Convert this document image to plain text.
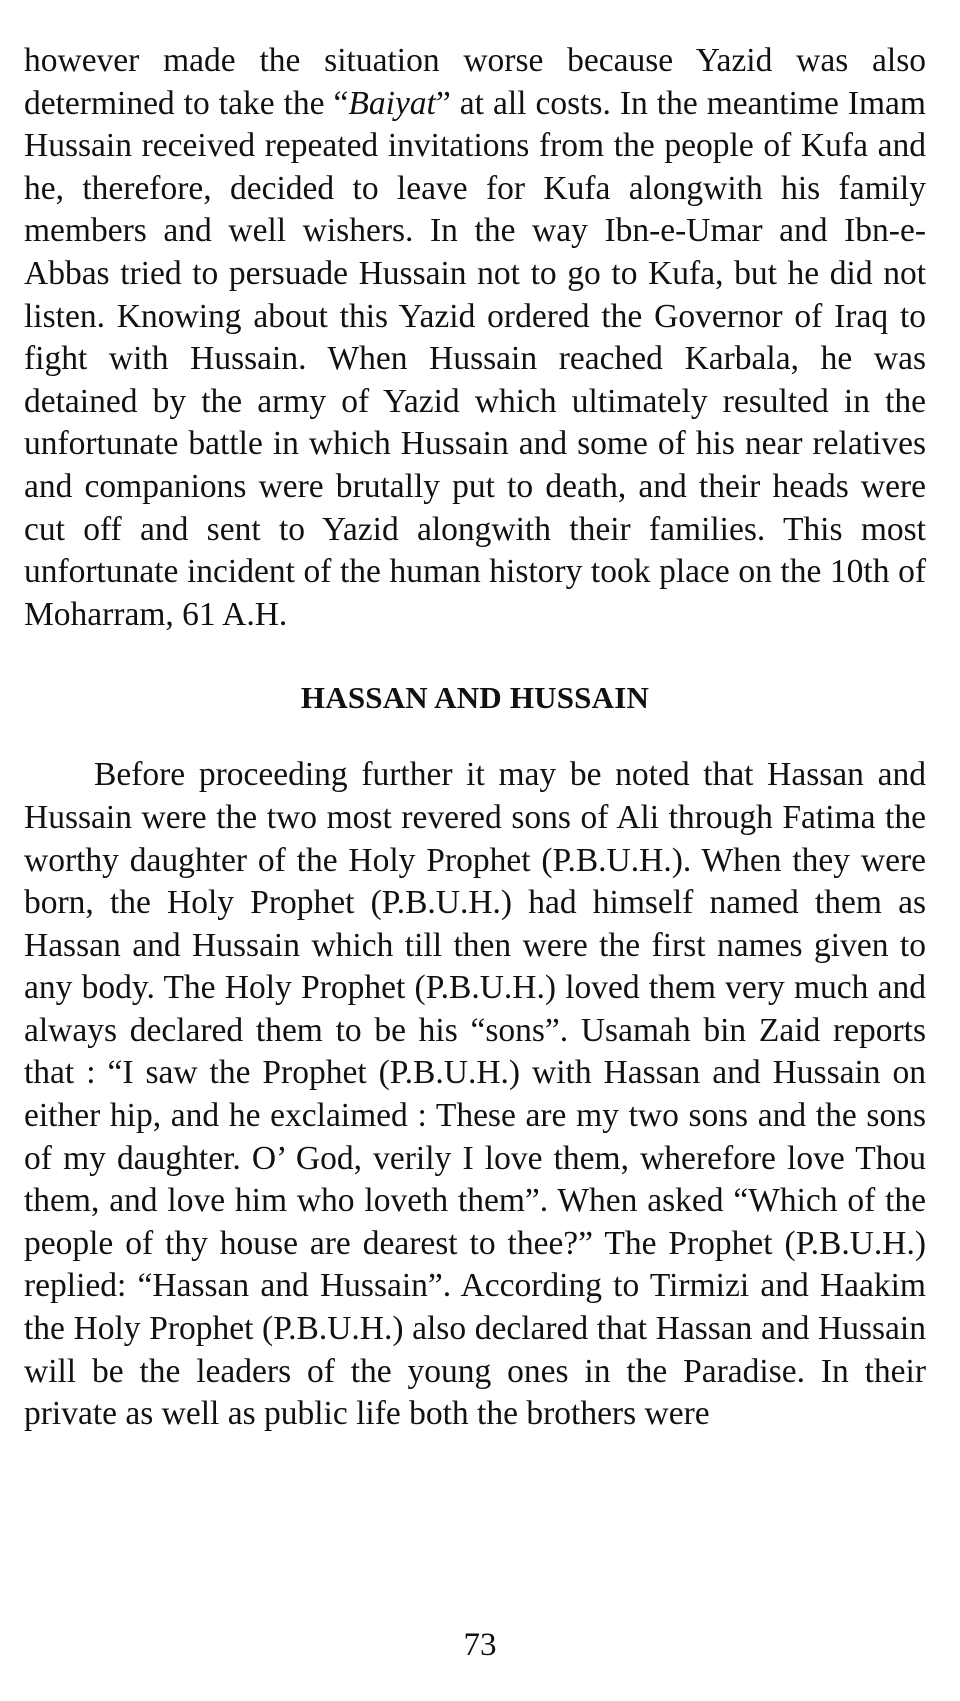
however made the situation worse because Yazid was also determined to take the “Baiyat” at all costs. In the meantime Imam Hussain received repeated invitations from the people of Kufa and he, therefore, decided to leave for Kufa alongwith his family members and well wishers. In the way Ibn-e-Umar and Ibn-e-Abbas tried to persuade Hussain not to go to Kufa, but he did not listen. Knowing about this Yazid ordered the Governor of Iraq to fight with Hussain. When Hussain reached Karbala, he was detained by the army of Yazid which ultimately resulted in the unfortunate battle in which Hussain and some of his near relatives and companions were brutally put to death, and their heads were cut off and sent to Yazid alongwith their families. This most unfortunate incident of the human history took place on the 10th of Moharram, 61 A.H.

HASSAN AND HUSSAIN

Before proceeding further it may be noted that Hassan and Hussain were the two most revered sons of Ali through Fatima the worthy daughter of the Holy Prophet (P.B.U.H.). When they were born, the Holy Prophet (P.B.U.H.) had himself named them as Hassan and Hussain which till then were the first names given to any body. The Holy Prophet (P.B.U.H.) loved them very much and always declared them to be his “sons”. Usamah bin Zaid reports that : “I saw the Prophet (P.B.U.H.) with Hassan and Hussain on either hip, and he exclaimed : These are my two sons and the sons of my daughter. O’ God, verily I love them, wherefore love Thou them, and love him who loveth them”. When asked “Which of the people of thy house are dearest to thee?” The Prophet (P.B.U.H.) replied: “Hassan and Hussain”. According to Tirmizi and Haakim the Holy Prophet (P.B.U.H.) also declared that Hassan and Hussain will be the leaders of the young ones in the Paradise. In their private as well as public life both the brothers were

73
